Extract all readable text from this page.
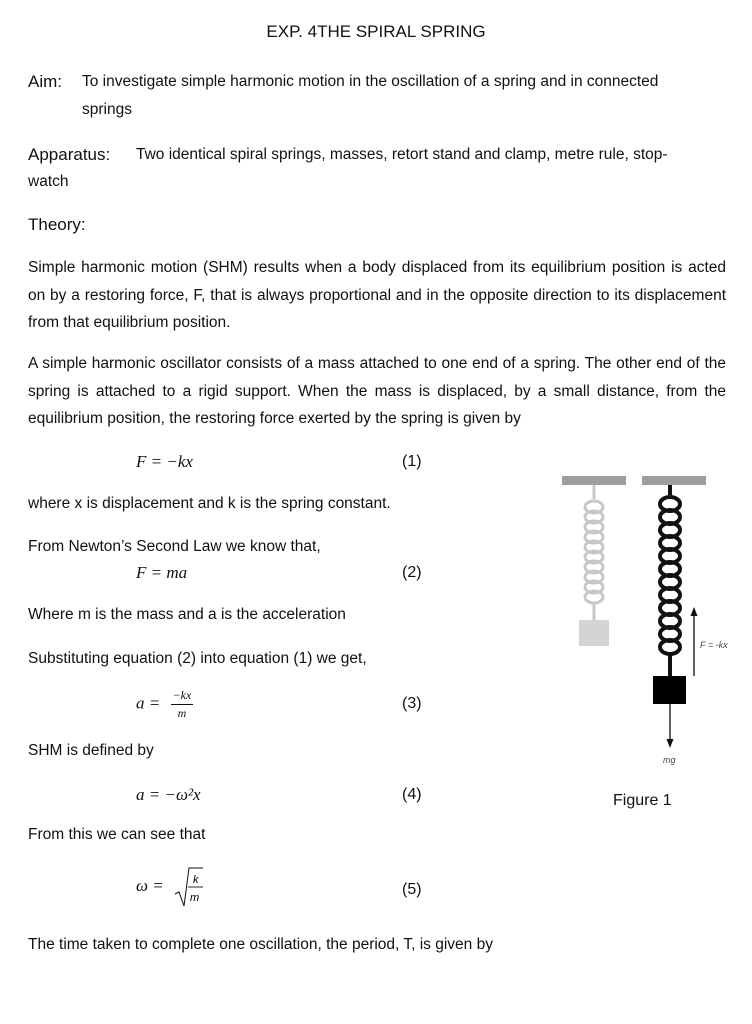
EXP. 4THE SPIRAL SPRING
Aim: To investigate simple harmonic motion in the oscillation of a spring and in connected
springs
Apparatus: Two identical spiral springs, masses, retort stand and clamp, metre rule, stop-
watch
Theory:
Simple harmonic motion (SHM) results when a body displaced from its equilibrium position is acted on by a restoring force, F, that is always proportional and in the opposite direction to its displacement from that equilibrium position.
A simple harmonic oscillator consists of a mass attached to one end of a spring. The other end of the spring is attached to a rigid support. When the mass is displaced, by a small distance, from the equilibrium position, the restoring force exerted by the spring is given by
F = −kx	(1)
where x is displacement and k is the spring constant.
From Newton’s Second Law we know that,
F = ma	(2)
Where m is the mass and a is the acceleration
Substituting equation (2) into equation (1) we get,
$a = \frac{-kx}{m}$	(3)
SHM is defined by
a = −ω²x	(4)
From this we can see that
ω =	k
m	(5)
The time taken to complete one oscillation, the period, T, is given by
F = -kx
mg
Figure 1
